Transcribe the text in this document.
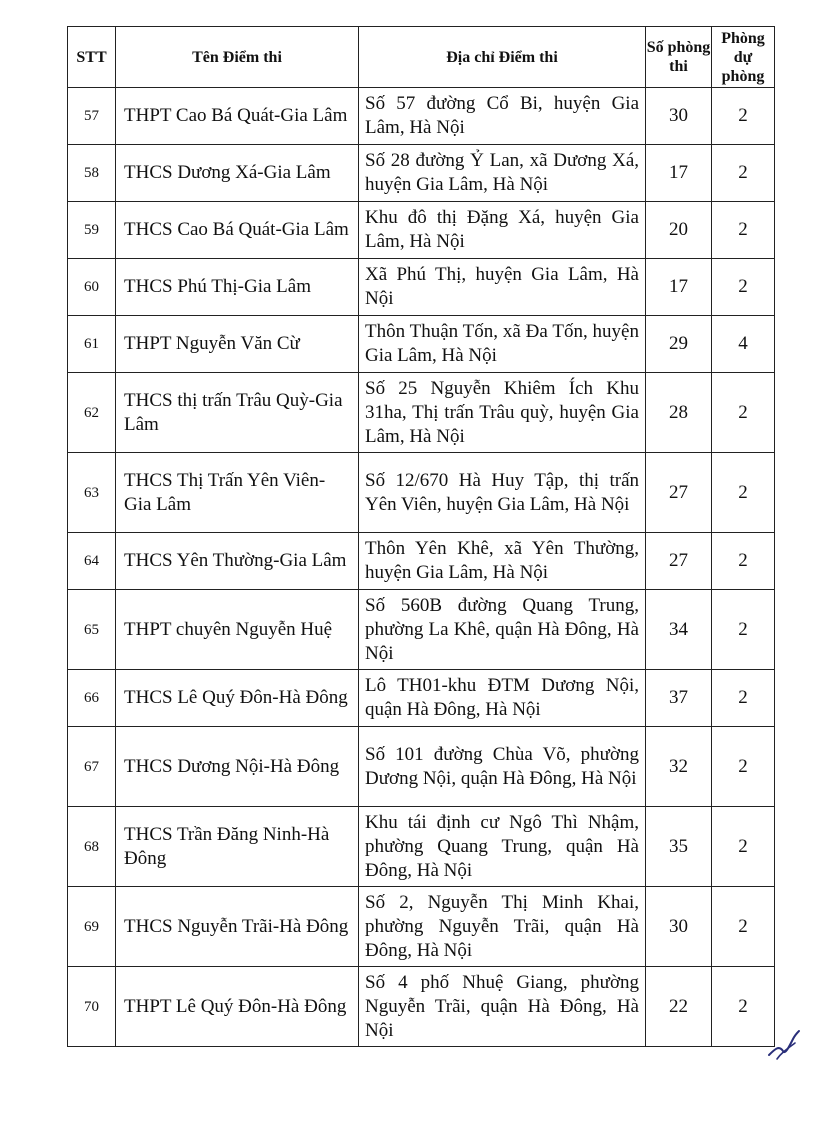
STT	Tên Điểm thi	Địa chỉ Điểm thi	Số phòng thi	Phòng dự phòng
57	THPT Cao Bá Quát-Gia Lâm	Số 57 đường Cổ Bi, huyện Gia Lâm, Hà Nội	30	2
58	THCS Dương Xá-Gia Lâm	Số 28 đường Ỷ Lan, xã Dương Xá, huyện Gia Lâm, Hà Nội	17	2
59	THCS Cao Bá Quát-Gia Lâm	Khu đô thị Đặng Xá, huyện Gia Lâm, Hà Nội	20	2
60	THCS Phú Thị-Gia Lâm	Xã Phú Thị, huyện Gia Lâm, Hà Nội	17	2
61	THPT Nguyễn Văn Cừ	Thôn Thuận Tốn, xã Đa Tốn, huyện Gia Lâm, Hà Nội	29	4
62	THCS thị trấn Trâu Quỳ-Gia Lâm	Số 25 Nguyễn Khiêm Ích Khu 31ha, Thị trấn Trâu quỳ, huyện Gia Lâm, Hà Nội	28	2
63	THCS Thị Trấn Yên Viên-Gia Lâm	Số 12/670 Hà Huy Tập, thị trấn Yên Viên, huyện Gia Lâm, Hà Nội	27	2
64	THCS Yên Thường-Gia Lâm	Thôn Yên Khê, xã Yên Thường, huyện Gia Lâm, Hà Nội	27	2
65	THPT chuyên Nguyễn Huệ	Số 560B đường Quang Trung, phường La Khê, quận Hà Đông, Hà Nội	34	2
66	THCS Lê Quý Đôn-Hà Đông	Lô TH01-khu ĐTM Dương Nội, quận Hà Đông, Hà Nội	37	2
67	THCS Dương Nội-Hà Đông	Số 101 đường Chùa Võ, phường Dương Nội, quận Hà Đông, Hà Nội	32	2
68	THCS Trần Đăng Ninh-Hà Đông	Khu tái định cư Ngô Thì Nhậm, phường Quang Trung, quận Hà Đông, Hà Nội	35	2
69	THCS Nguyễn Trãi-Hà Đông	Số 2, Nguyễn Thị Minh Khai, phường Nguyễn Trãi, quận Hà Đông, Hà Nội	30	2
70	THPT Lê Quý Đôn-Hà Đông	Số 4 phố Nhuệ Giang, phường Nguyễn Trãi, quận Hà Đông, Hà Nội	22	2
